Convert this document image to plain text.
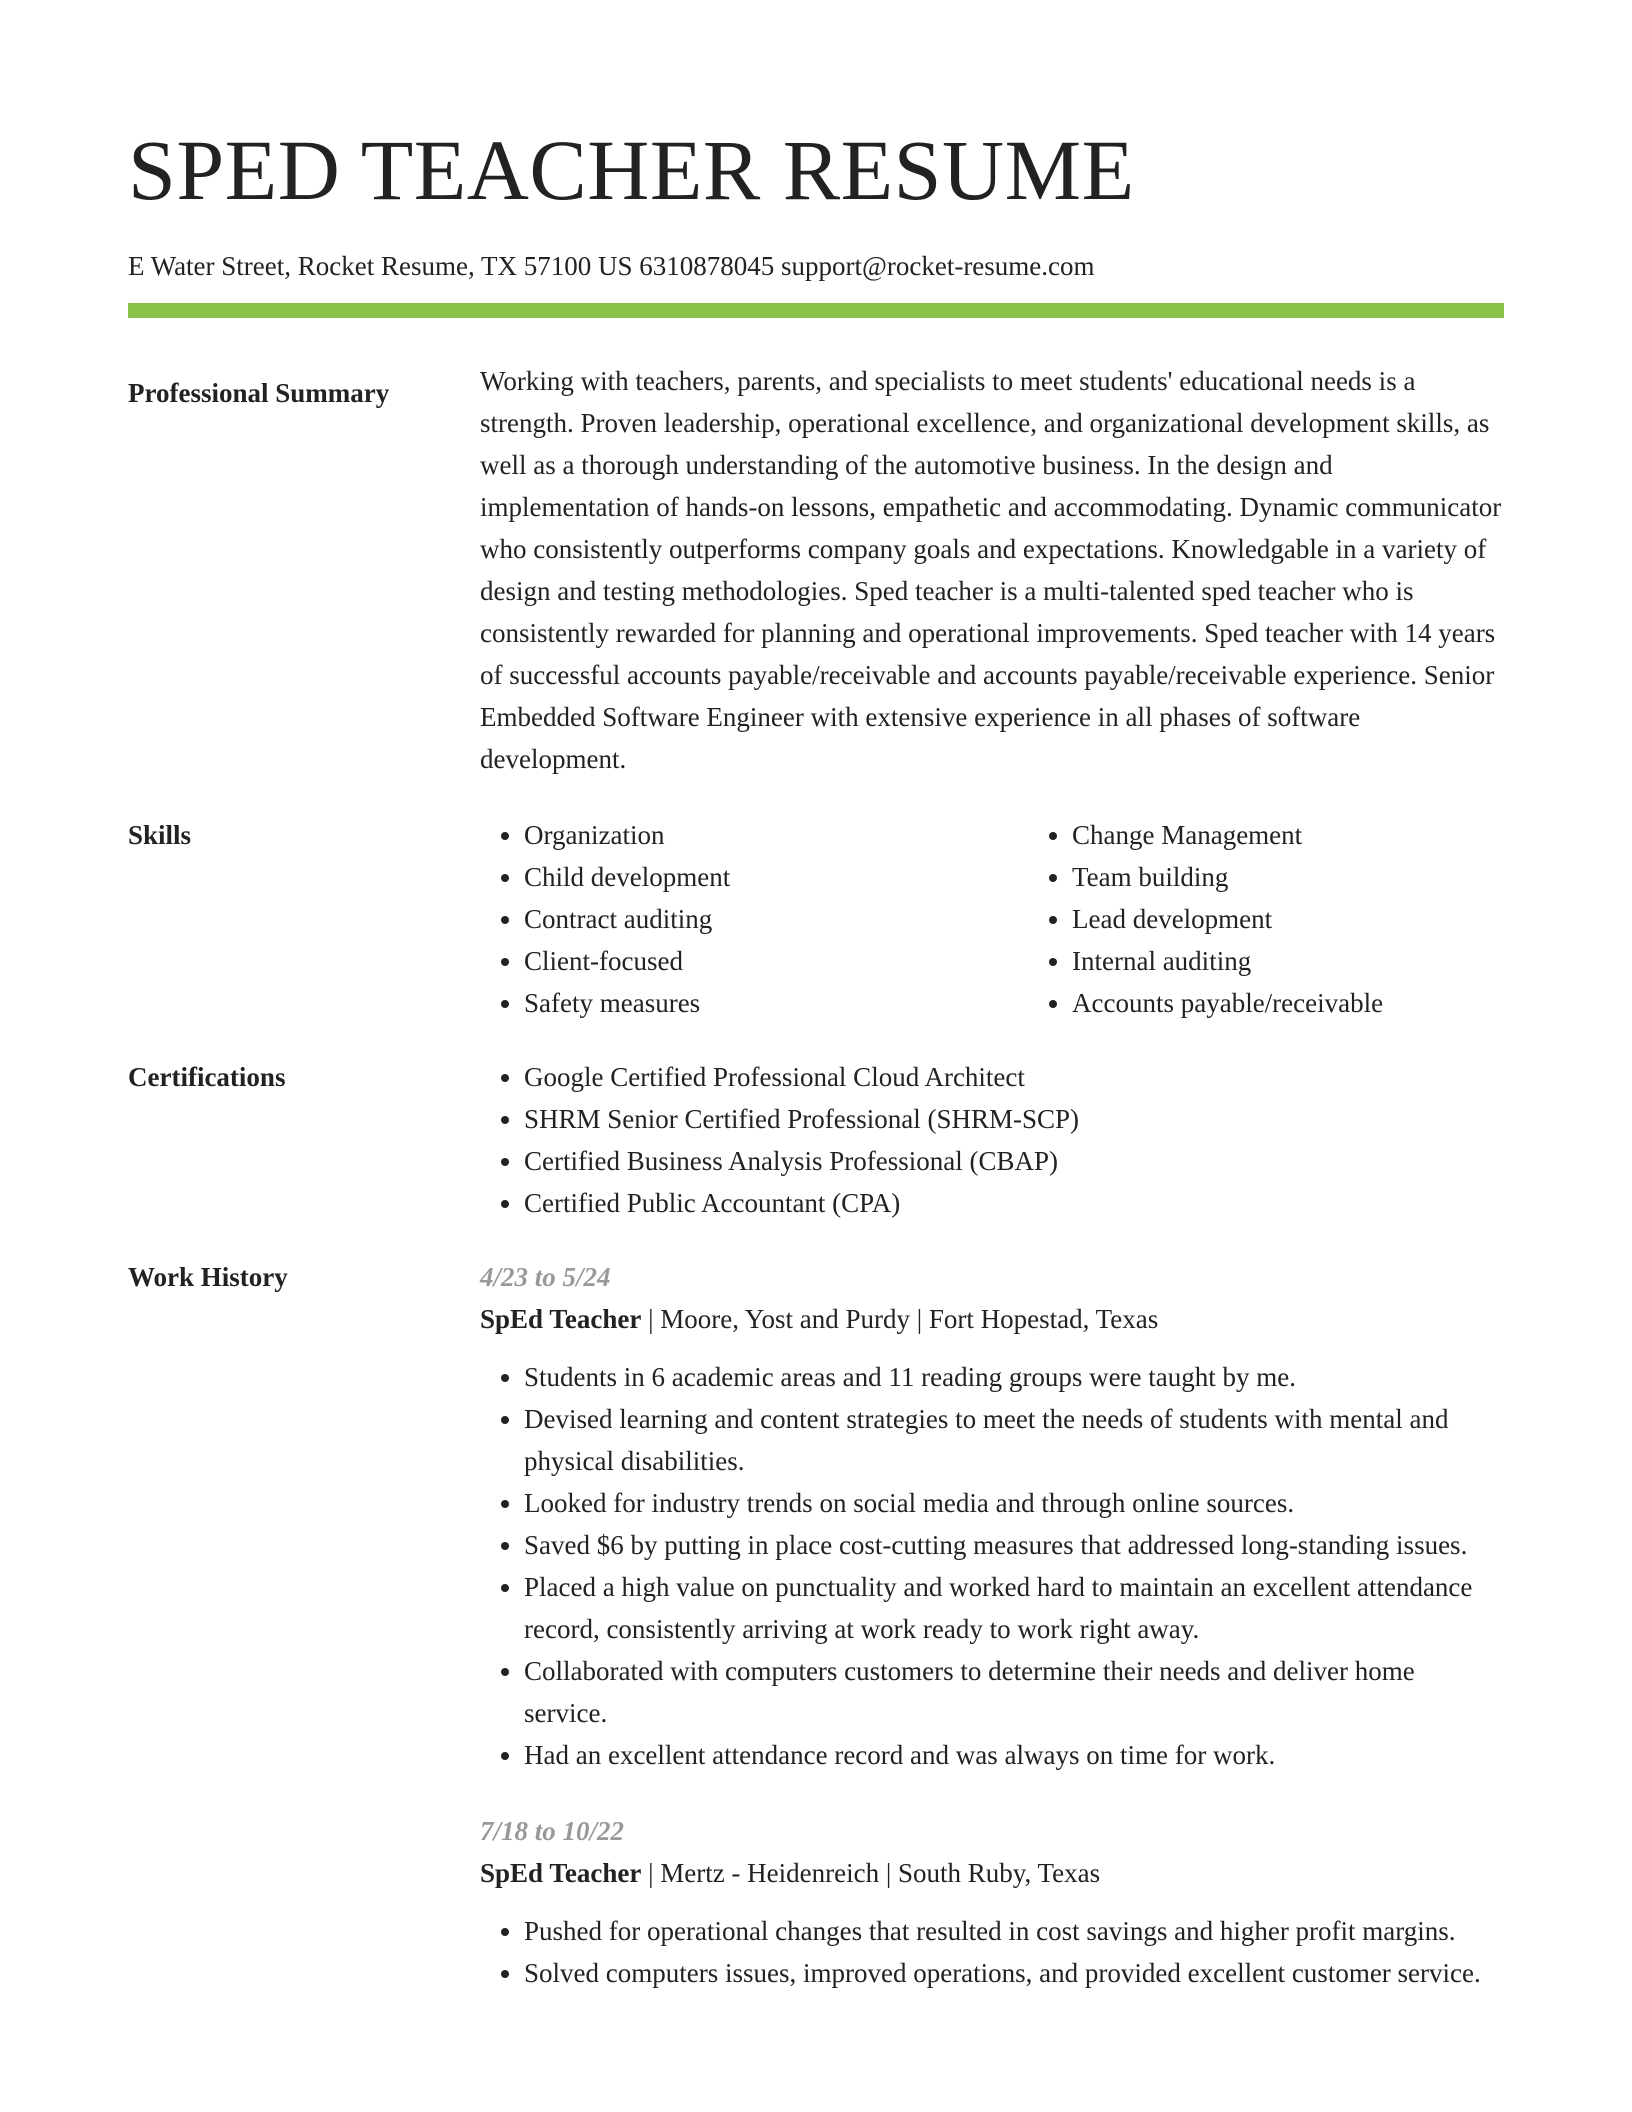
SPED TEACHER RESUME
E Water Street, Rocket Resume, TX 57100 US 6310878045 support@rocket-resume.com
Professional Summary	Working with teachers, parents, and specialists to meet students' educational needs is a strength. Proven leadership, operational excellence, and organizational development skills, as well as a thorough understanding of the automotive business. In the design and implementation of hands-on lessons, empathetic and accommodating. Dynamic communicator who consistently outperforms company goals and expectations. Knowledgable in a variety of design and testing methodologies. Sped teacher is a multi-talented sped teacher who is consistently rewarded for planning and operational improvements. Sped teacher with 14 years of successful accounts payable/receivable and accounts payable/receivable experience. Senior Embedded Software Engineer with extensive experience in all phases of software development.

Skills	• Organization
• Child development
• Contract auditing
• Client-focused
• Safety measures
• Change Management
• Team building
• Lead development
• Internal auditing
• Accounts payable/receivable
Certifications	• Google Certified Professional Cloud Architect
• SHRM Senior Certified Professional (SHRM-SCP)
• Certified Business Analysis Professional (CBAP)
• Certified Public Accountant (CPA)
Work History	4/23 to 5/24
SpEd Teacher | Moore, Yost and Purdy | Fort Hopestad, Texas
• Students in 6 academic areas and 11 reading groups were taught by me.
• Devised learning and content strategies to meet the needs of students with mental and physical disabilities.
• Looked for industry trends on social media and through online sources.
• Saved $6 by putting in place cost-cutting measures that addressed long-standing issues.
• Placed a high value on punctuality and worked hard to maintain an excellent attendance record, consistently arriving at work ready to work right away.
• Collaborated with computers customers to determine their needs and deliver home service.
• Had an excellent attendance record and was always on time for work.
7/18 to 10/22
SpEd Teacher | Mertz - Heidenreich | South Ruby, Texas
• Pushed for operational changes that resulted in cost savings and higher profit margins.
• Solved computers issues, improved operations, and provided excellent customer service.
